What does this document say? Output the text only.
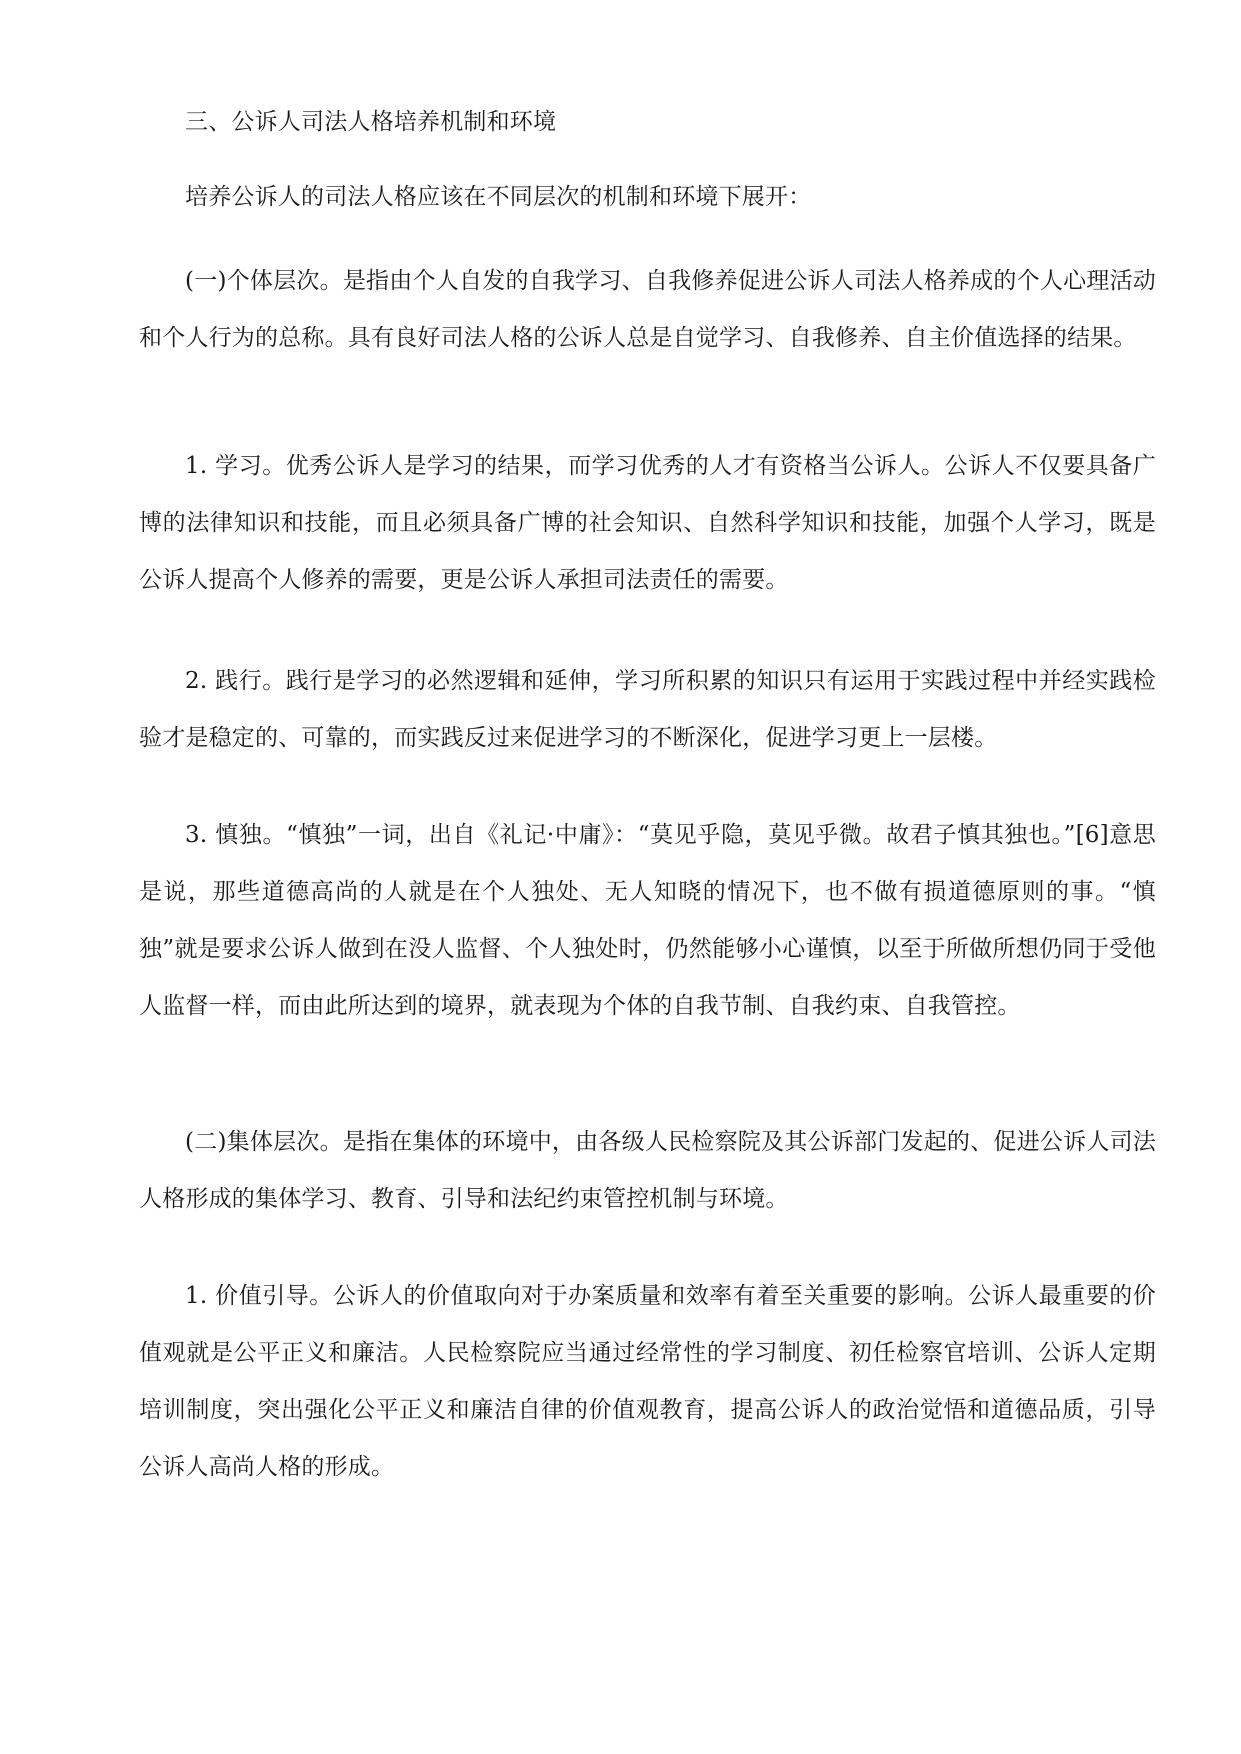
三、公诉人司法人格培养机制和环境

培养公诉人的司法人格应该在不同层次的机制和环境下展开：

(一)个体层次。是指由个人自发的自我学习、自我修养促进公诉人司法人格养成的个人心理活动和个人行为的总称。具有良好司法人格的公诉人总是自觉学习、自我修养、自主价值选择的结果。

1. 学习。优秀公诉人是学习的结果，而学习优秀的人才有资格当公诉人。公诉人不仅要具备广博的法律知识和技能，而且必须具备广博的社会知识、自然科学知识和技能，加强个人学习，既是公诉人提高个人修养的需要，更是公诉人承担司法责任的需要。

2. 践行。践行是学习的必然逻辑和延伸，学习所积累的知识只有运用于实践过程中并经实践检验才是稳定的、可靠的，而实践反过来促进学习的不断深化，促进学习更上一层楼。

3. 慎独。“慎独”一词，出自《礼记·中庸》：“莫见乎隐，莫见乎微。故君子慎其独也。”[6]意思是说，那些道德高尚的人就是在个人独处、无人知晓的情况下，也不做有损道德原则的事。“慎独”就是要求公诉人做到在没人监督、个人独处时，仍然能够小心谨慎，以至于所做所想仍同于受他人监督一样，而由此所达到的境界，就表现为个体的自我节制、自我约束、自我管控。

(二)集体层次。是指在集体的环境中，由各级人民检察院及其公诉部门发起的、促进公诉人司法人格形成的集体学习、教育、引导和法纪约束管控机制与环境。

1. 价值引导。公诉人的价值取向对于办案质量和效率有着至关重要的影响。公诉人最重要的价值观就是公平正义和廉洁。人民检察院应当通过经常性的学习制度、初任检察官培训、公诉人定期培训制度，突出强化公平正义和廉洁自律的价值观教育，提高公诉人的政治觉悟和道德品质，引导公诉人高尚人格的形成。
